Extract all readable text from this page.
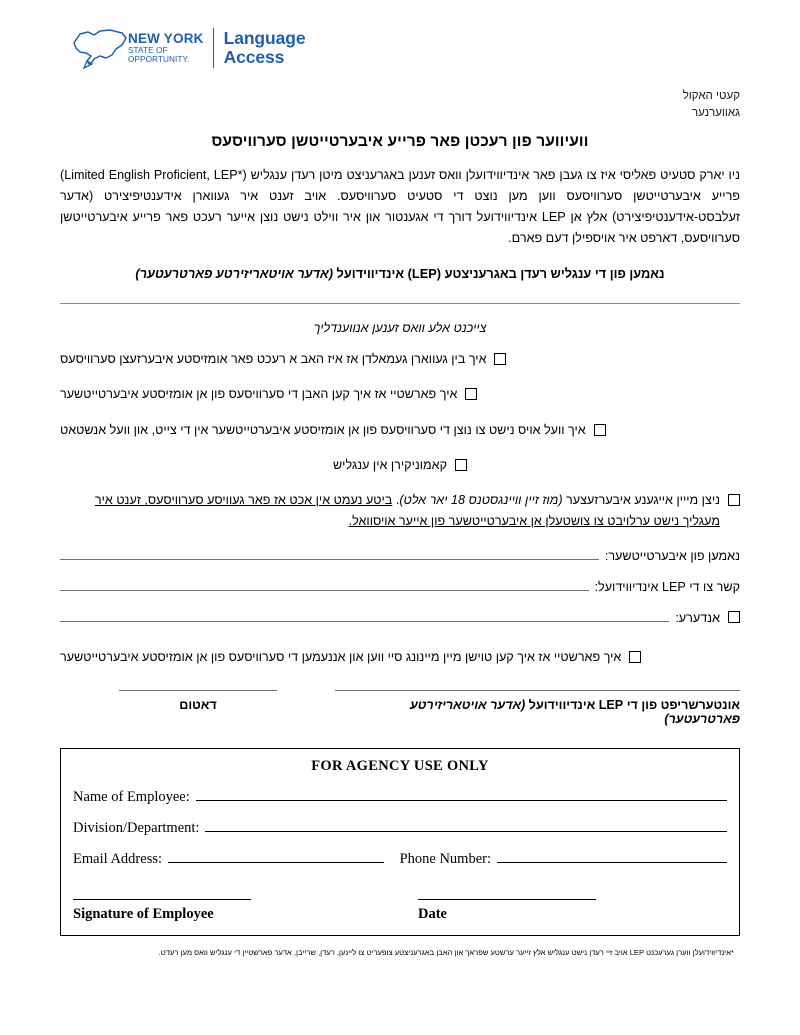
NEW YORK
STATE OF
OPPORTUNITY.
Language
Access
קעטי האקול
גאווערנער
וועיווער פון רעכטן פאר פרייע איבערטייטשן סערוויסעס

ניו יארק סטעיט פאליסי איז צו געבן פאר אינדיווידועלן וואס זענען באגרעניצט מיטן רעדן ענגליש (*Limited English Proficient, LEP) פרייע איבערטייטשן סערוויסעס ווען מען נוצט די סטעיט סערוויסעס. אויב זענט איר געווארן אידענטיפיצירט (אדער זעלבסט-אידענטיפיצירט) אלץ אן LEP אינדיווידועל דורך די אגענטור און איר ווילט נישט נוצן אייער רעכט פאר פרייע איבערטייטשן סערוויסעס, דארפט איר אויספילן דעם פארם.

נאמען פון די ענגליש רעדן באגרעניצטע (LEP) אינדיווידועל (אדער אויטאריזירטע פארטרעטער)
צייכנט אלע וואס זענען אנווענדליך
איך בין געווארן געמאלדן אז איז האב א רעכט פאר אומזיסטע איבערזעצן סערוויסעס
איך פארשטיי אז איך קען האבן די סערוויסעס פון אן אומזיסטע איבערטייטשער
איך וועל אויס נישט צו נוצן די סערוויסעס פון אן אומזיסטע איבערטייטשער אין די צייט, און וועל אנשטאט
קאמוניקירן אין ענגליש
ניצן מייין אייגענע איבערזעצער (מוז זיין וויינגסטנס 18 יאר אלט). ביטע נעמט אין אכט אז פאר געוויסע סערוויסעס, זענט איר מעגליך נישט ערלויבט צו צושטעלן אן איבערטייטשער פון אייער אויסוואל.
נאמען פון איבערטייטשער:
קשר צו די LEP אינדיווידועל:
אנדערע:
איך פארשטיי אז איך קען טוישן מיין מיינונג סיי ווען און אננעמען די סערוויסעס פון אן אומזיסטע איבערטייטשער
אונטערשריפט פון די LEP אינדיווידועל (אדער אויטאריזירטע פארטרעטער)
דאטום
FOR AGENCY USE ONLY
Name of Employee:
Division/Department:
Email Address:	Phone Number:
Signature of Employee	Date
*אינדיווידועלן ווערן גערעכנט LEP אויב זיי רעדן נישט ענגליש אלץ זייער ערשטע שפראך און האבן באגרעניצטע צופעריט צו ליינען, רעדן, שרייבן, אדער פארשטיין די ענגליש וואס מען רעדט.
